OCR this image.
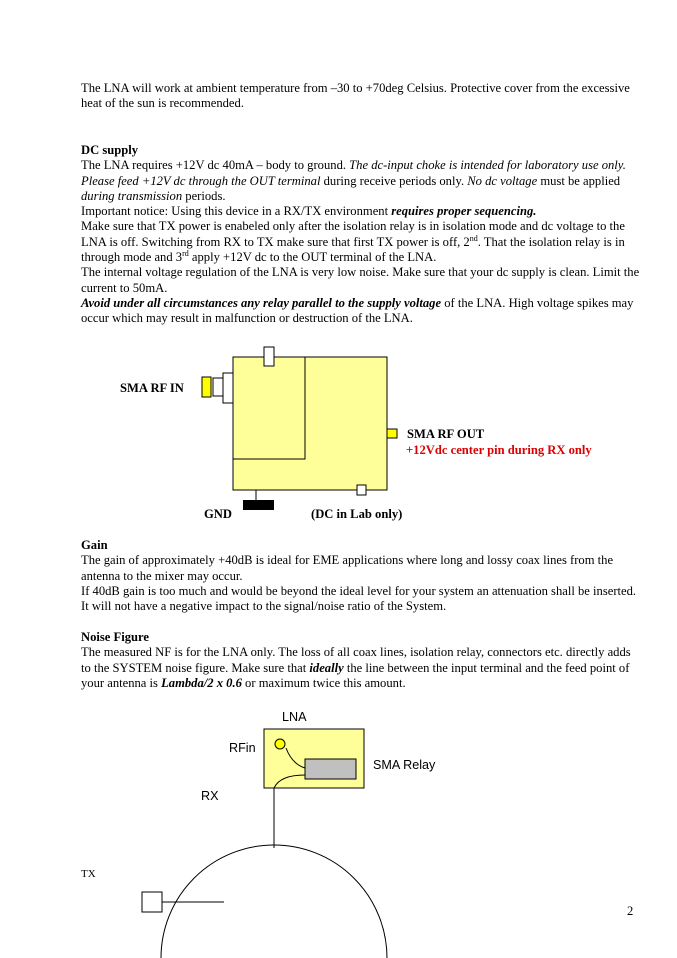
The LNA will work at ambient temperature from –30 to +70deg Celsius. Protective cover from the excessive heat of the sun is recommended.

DC supply

The LNA requires +12V dc 40mA – body to ground. The dc-input choke is intended for laboratory use only. Please feed +12V dc through the OUT terminal during receive periods only. No dc voltage must be applied during transmission periods.

Important notice: Using this device in a RX/TX environment requires proper sequencing.

Make sure that TX power is enabeled only after the isolation relay is in isolation mode and dc voltage to the LNA is off. Switching from RX to TX make sure that first TX power is off, 2nd. That the isolation relay is in through mode and 3rd apply +12V dc to the OUT terminal of the LNA.

The internal voltage regulation of the LNA is very low noise. Make sure that your dc supply is clean. Limit the current to 50mA.

Avoid under all circumstances any relay parallel to the supply voltage of the LNA. High voltage spikes may occur which may result in malfunction or destruction of the LNA.

SMA RF IN
SMA RF OUT
+12Vdc center pin during RX only
GND	(DC in Lab only)

Gain

The gain of approximately +40dB is ideal for EME applications where long and lossy coax lines from the antenna to the mixer may occur.

If 40dB gain is too much and would be beyond the ideal level for your system an attenuation shall be inserted. It will not have a negative impact to the signal/noise ratio of the System.

Noise Figure

The measured NF is for the LNA only. The loss of all coax lines, isolation relay, connectors etc. directly adds to the SYSTEM noise figure. Make sure that ideally the line between the input terminal and the feed point of your antenna is Lambda/2 x 0.6 or maximum twice this amount.

LNA
RFin
SMA Relay
RX
TX
2
